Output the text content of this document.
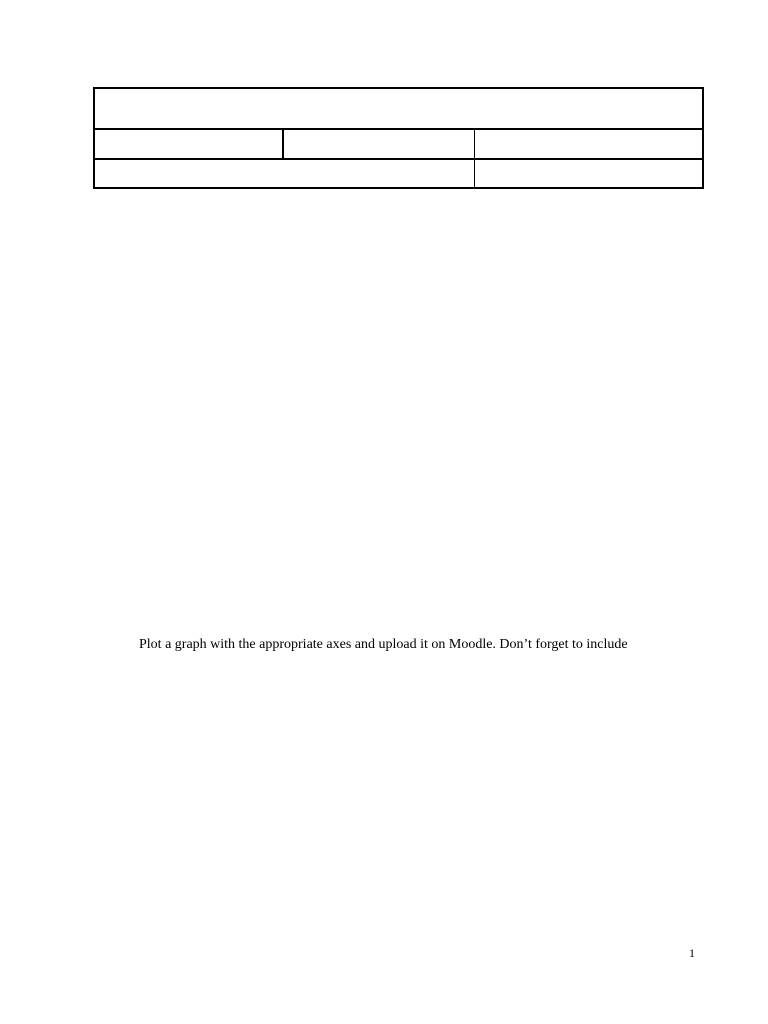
Plot a graph with the appropriate axes and upload it on Moodle. Don’t forget to include

1
